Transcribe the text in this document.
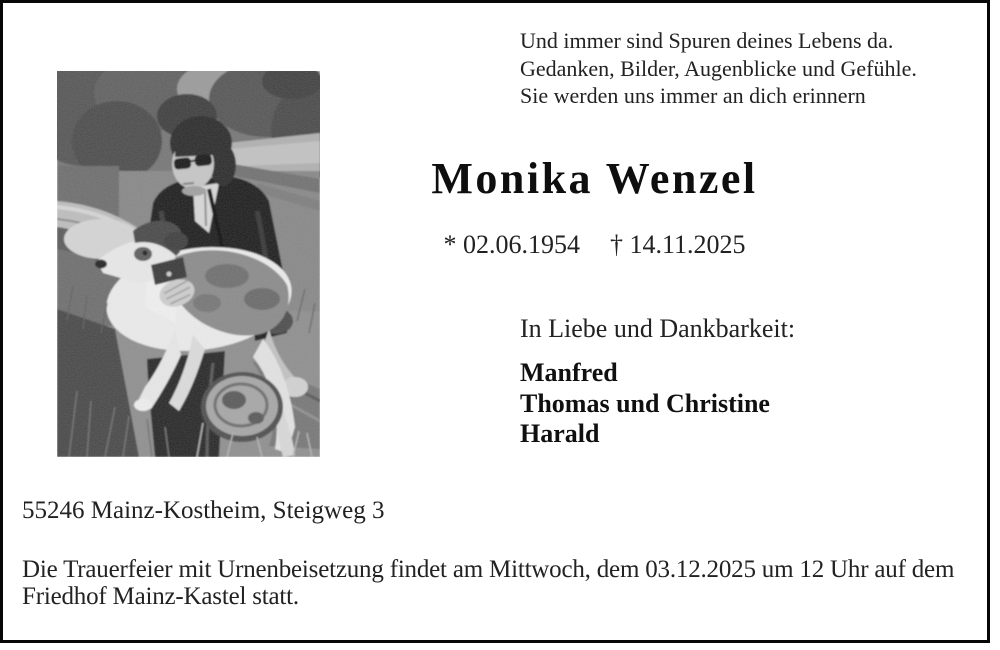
Und immer sind Spuren deines Lebens da.
Gedanken, Bilder, Augenblicke und Gefühle.
Sie werden uns immer an dich erinnern
Monika Wenzel
* 02.06.1954 † 14.11.2025
In Liebe und Dankbarkeit:
Manfred
Thomas und Christine
Harald
55246 Mainz-Kostheim, Steigweg 3
Die Trauerfeier mit Urnenbeisetzung findet am Mittwoch, dem 03.12.2025 um 12 Uhr auf dem
Friedhof Mainz-Kastel statt.
